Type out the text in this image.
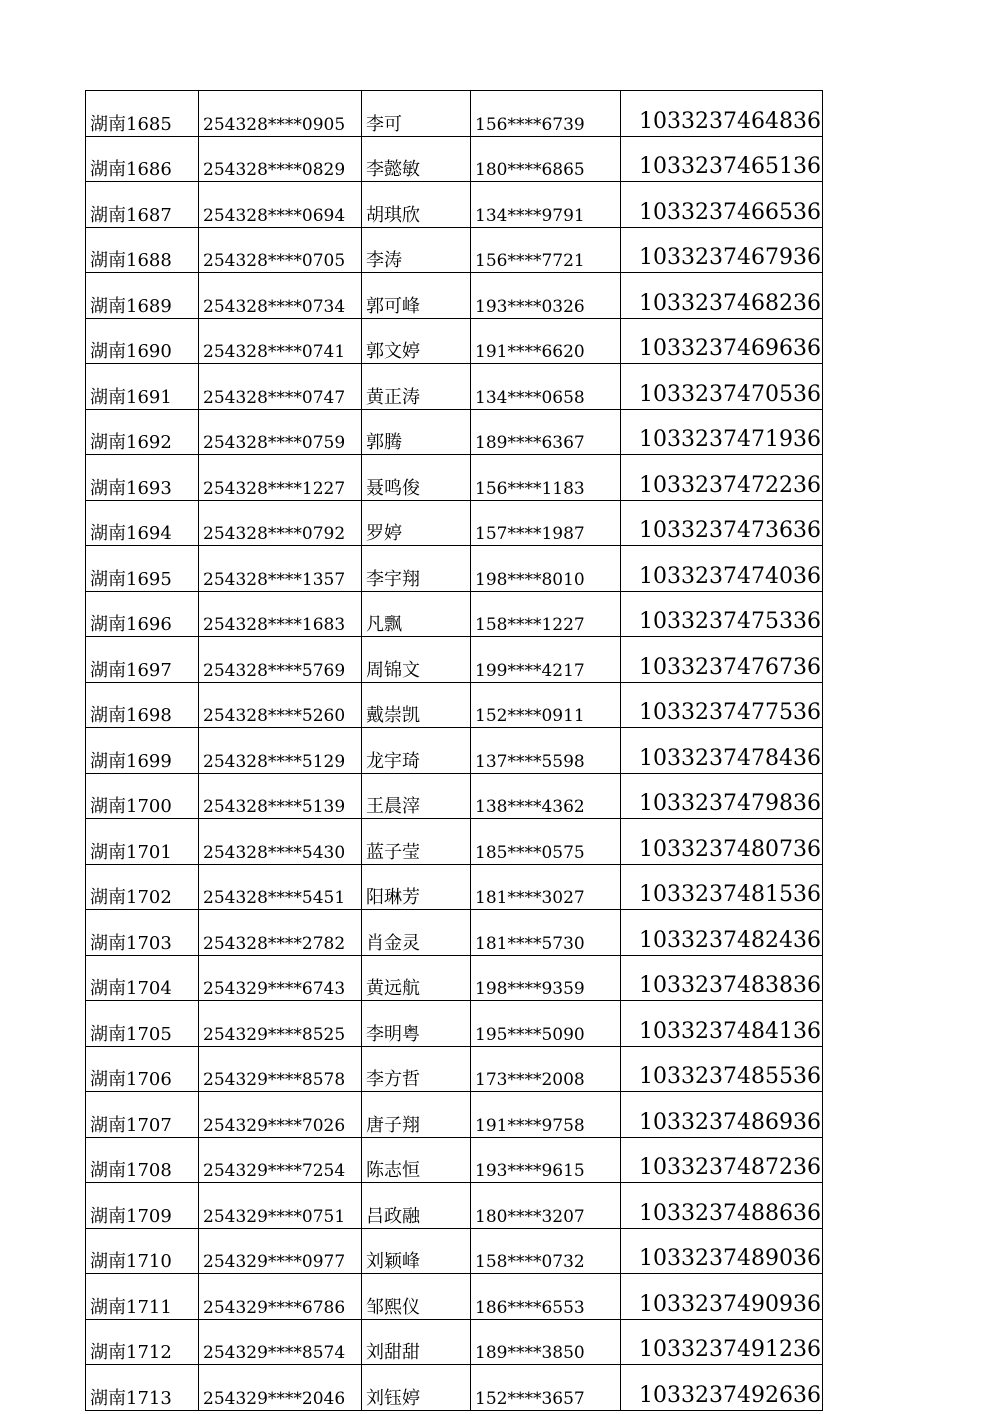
湖南1685	254328****0905	李可	156****6739	1033237464836
湖南1686	254328****0829	李懿敏	180****6865	1033237465136
湖南1687	254328****0694	胡琪欣	134****9791	1033237466536
湖南1688	254328****0705	李涛	156****7721	1033237467936
湖南1689	254328****0734	郭可峰	193****0326	1033237468236
湖南1690	254328****0741	郭文婷	191****6620	1033237469636
湖南1691	254328****0747	黄正涛	134****0658	1033237470536
湖南1692	254328****0759	郭腾	189****6367	1033237471936
湖南1693	254328****1227	聂鸣俊	156****1183	1033237472236
湖南1694	254328****0792	罗婷	157****1987	1033237473636
湖南1695	254328****1357	李宇翔	198****8010	1033237474036
湖南1696	254328****1683	凡飘	158****1227	1033237475336
湖南1697	254328****5769	周锦文	199****4217	1033237476736
湖南1698	254328****5260	戴崇凯	152****0911	1033237477536
湖南1699	254328****5129	龙宇琦	137****5598	1033237478436
湖南1700	254328****5139	王晨滓	138****4362	1033237479836
湖南1701	254328****5430	蓝子莹	185****0575	1033237480736
湖南1702	254328****5451	阳琳芳	181****3027	1033237481536
湖南1703	254328****2782	肖金灵	181****5730	1033237482436
湖南1704	254329****6743	黄远航	198****9359	1033237483836
湖南1705	254329****8525	李明粤	195****5090	1033237484136
湖南1706	254329****8578	李方哲	173****2008	1033237485536
湖南1707	254329****7026	唐子翔	191****9758	1033237486936
湖南1708	254329****7254	陈志恒	193****9615	1033237487236
湖南1709	254329****0751	吕政融	180****3207	1033237488636
湖南1710	254329****0977	刘颖峰	158****0732	1033237489036
湖南1711	254329****6786	邹熙仪	186****6553	1033237490936
湖南1712	254329****8574	刘甜甜	189****3850	1033237491236
湖南1713	254329****2046	刘钰婷	152****3657	1033237492636
